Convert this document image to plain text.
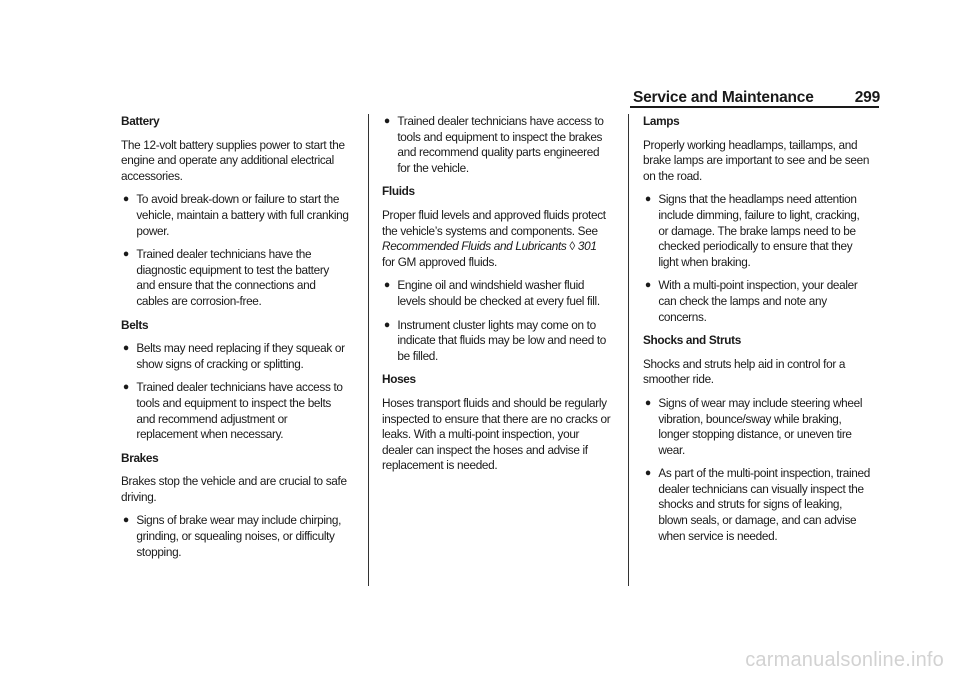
Service and Maintenance	299
Battery

The 12-volt battery supplies power to start the engine and operate any additional electrical accessories.

● To avoid break-down or failure to start the vehicle, maintain a battery with full cranking power.
● Trained dealer technicians have the diagnostic equipment to test the battery and ensure that the connections and cables are corrosion-free.
Belts
● Belts may need replacing if they squeak or show signs of cracking or splitting.
● Trained dealer technicians have access to tools and equipment to inspect the belts and recommend adjustment or replacement when necessary.
Brakes

Brakes stop the vehicle and are crucial to safe driving.

● Signs of brake wear may include chirping, grinding, or squealing noises, or difficulty stopping.
● Trained dealer technicians have access to tools and equipment to inspect the brakes and recommend quality parts engineered for the vehicle.
Fluids

Proper fluid levels and approved fluids protect the vehicle’s systems and components. See Recommended Fluids and Lubricants ◊ 301 for GM approved fluids.

● Engine oil and windshield washer fluid levels should be checked at every fuel fill.
● Instrument cluster lights may come on to indicate that fluids may be low and need to be filled.
Hoses

Hoses transport fluids and should be regularly inspected to ensure that there are no cracks or leaks. With a multi-point inspection, your dealer can inspect the hoses and advise if replacement is needed.

Lamps

Properly working headlamps, taillamps, and brake lamps are important to see and be seen on the road.

● Signs that the headlamps need attention include dimming, failure to light, cracking, or damage. The brake lamps need to be checked periodically to ensure that they light when braking.
● With a multi-point inspection, your dealer can check the lamps and note any concerns.
Shocks and Struts

Shocks and struts help aid in control for a smoother ride.

● Signs of wear may include steering wheel vibration, bounce/sway while braking, longer stopping distance, or uneven tire wear.
● As part of the multi-point inspection, trained dealer technicians can visually inspect the shocks and struts for signs of leaking, blown seals, or damage, and can advise when service is needed.
carmanualsonline.info
